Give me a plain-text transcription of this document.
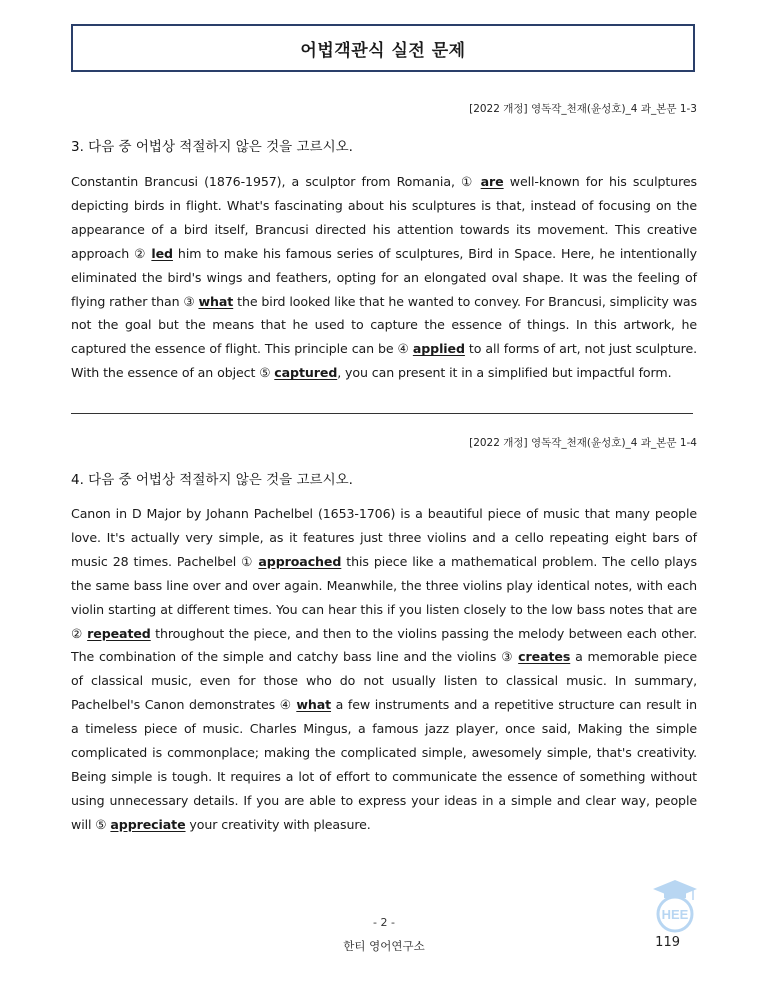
어법객관식 실전 문제
[2022 개정] 영독작_천재(윤성호)_4 과_본문 1-3
3. 다음 중 어법상 적절하지 않은 것을 고르시오.
Constantin Brancusi (1876-1957), a sculptor from Romania, ① are well-known for his sculptures depicting birds in flight. What's fascinating about his sculptures is that, instead of focusing on the appearance of a bird itself, Brancusi directed his attention towards its movement. This creative approach ② led him to make his famous series of sculptures, Bird in Space. Here, he intentionally eliminated the bird's wings and feathers, opting for an elongated oval shape. It was the feeling of flying rather than ③ what the bird looked like that he wanted to convey. For Brancusi, simplicity was not the goal but the means that he used to capture the essence of things. In this artwork, he captured the essence of flight. This principle can be ④ applied to all forms of art, not just sculpture. With the essence of an object ⑤ captured, you can present it in a simplified but impactful form.
[2022 개정] 영독작_천재(윤성호)_4 과_본문 1-4
4. 다음 중 어법상 적절하지 않은 것을 고르시오.
Canon in D Major by Johann Pachelbel (1653-1706) is a beautiful piece of music that many people love. It's actually very simple, as it features just three violins and a cello repeating eight bars of music 28 times. Pachelbel ① approached this piece like a mathematical problem. The cello plays the same bass line over and over again. Meanwhile, the three violins play identical notes, with each violin starting at different times. You can hear this if you listen closely to the low bass notes that are ② repeated throughout the piece, and then to the violins passing the melody between each other. The combination of the simple and catchy bass line and the violins ③ creates a memorable piece of classical music, even for those who do not usually listen to classical music. In summary, Pachelbel's Canon demonstrates ④ what a few instruments and a repetitive structure can result in a timeless piece of music. Charles Mingus, a famous jazz player, once said, Making the simple complicated is commonplace; making the complicated simple, awesomely simple, that's creativity. Being simple is tough. It requires a lot of effort to communicate the essence of something without using unnecessary details. If you are able to express your ideas in a simple and clear way, people will ⑤ appreciate your creativity with pleasure.
HEE
- 2 -
한티 영어연구소	119
